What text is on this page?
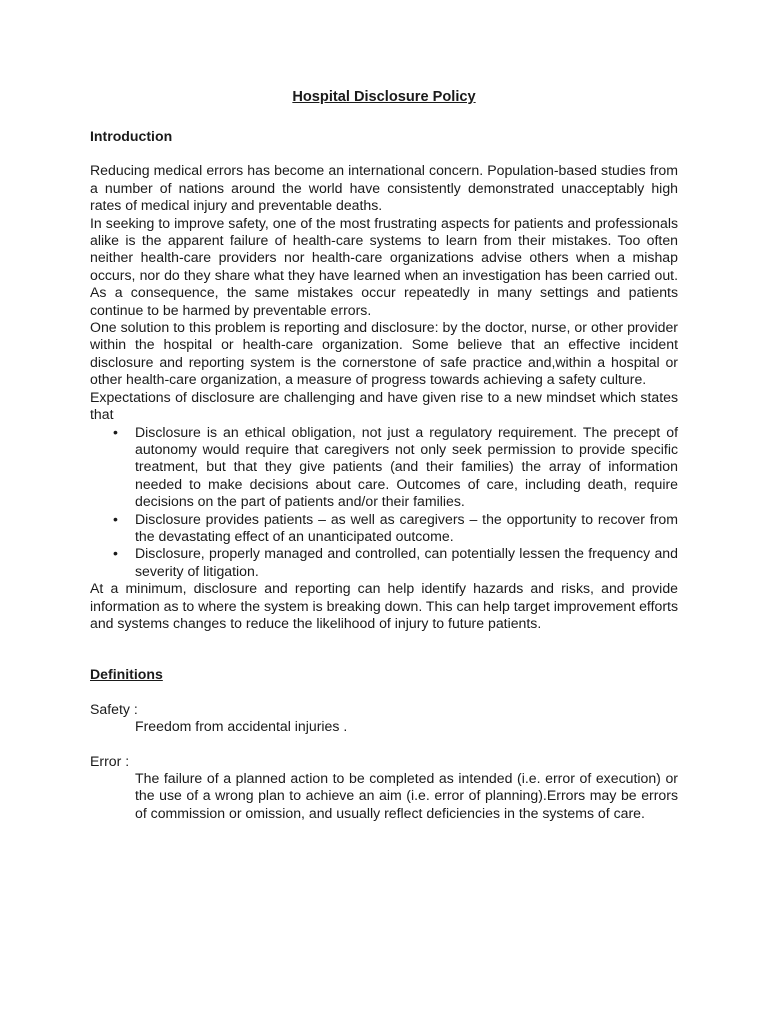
Hospital Disclosure Policy
Introduction

Reducing medical errors has become an international concern. Population-based studies from a number of nations around the world have consistently demonstrated unacceptably high rates of medical injury and preventable deaths.

In seeking to improve safety, one of the most frustrating aspects for patients and professionals alike is the apparent failure of health-care systems to learn from their mistakes. Too often neither health-care providers nor health-care organizations advise others when a mishap occurs, nor do they share what they have learned when an investigation has been carried out. As a consequence, the same mistakes occur repeatedly in many settings and patients continue to be harmed by preventable errors.

One solution to this problem is reporting and disclosure: by the doctor, nurse, or other provider within the hospital or health-care organization. Some believe that an effective incident disclosure and reporting system is the cornerstone of safe practice and,within a hospital or other health-care organization, a measure of progress towards achieving a safety culture.

Expectations of disclosure are challenging and have given rise to a new mindset which states that

• Disclosure is an ethical obligation, not just a regulatory requirement. The precept of autonomy would require that caregivers not only seek permission to provide specific treatment, but that they give patients (and their families) the array of information needed to make decisions about care. Outcomes of care, including death, require decisions on the part of patients and/or their families.
• Disclosure provides patients – as well as caregivers – the opportunity to recover from the devastating effect of an unanticipated outcome.
• Disclosure, properly managed and controlled, can potentially lessen the frequency and severity of litigation.

At a minimum, disclosure and reporting can help identify hazards and risks, and provide information as to where the system is breaking down. This can help target improvement efforts and systems changes to reduce the likelihood of injury to future patients.

Definitions

Safety :

Freedom from accidental injuries .

Error :

The failure of a planned action to be completed as intended (i.e. error of execution) or the use of a wrong plan to achieve an aim (i.e. error of planning).Errors may be errors of commission or omission, and usually reflect deficiencies in the systems of care.
